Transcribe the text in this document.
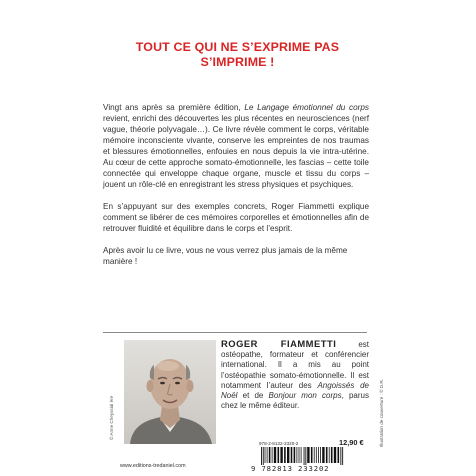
TOUT CE QUI NE S’EXPRIME PAS
S’IMPRIME !

Vingt ans après sa première édition, Le Langage émotionnel du corps revient, enrichi des découvertes les plus récentes en neurosciences (nerf vague, théorie polyvagale…). Ce livre révèle comment le corps, véritable mémoire inconsciente vivante, conserve les empreintes de nos traumas et blessures émotionnelles, enfouies en nous depuis la vie intra-utérine. Au cœur de cette approche somato-émotionnelle, les fascias – cette toile connectée qui enveloppe chaque organe, muscle et tissu du corps – jouent un rôle-clé en enregistrant les stress physiques et psychiques.

En s’appuyant sur des exemples concrets, Roger Fiammetti explique comment se libérer de ces mémoires corporelles et émotionnelles afin de retrouver fluidité et équilibre dans le corps et l’esprit.

Après avoir lu ce livre, vous ne vous verrez plus jamais de la même manière !

© Anne Cheyssial ère
ROGER FIAMMETTI est ostéopathe, formateur et conférencier international. Il a mis au point l’ostéopathie somato-émotionnelle. Il est notamment l’auteur des Angoissés de Noël et de Bonjour mon corps, parus chez le même éditeur.
978-2-8132-3320-2	12,90 €
9 782813 233202
www.editions-tredaniel.com
Illustration de couverture : © D.R.
